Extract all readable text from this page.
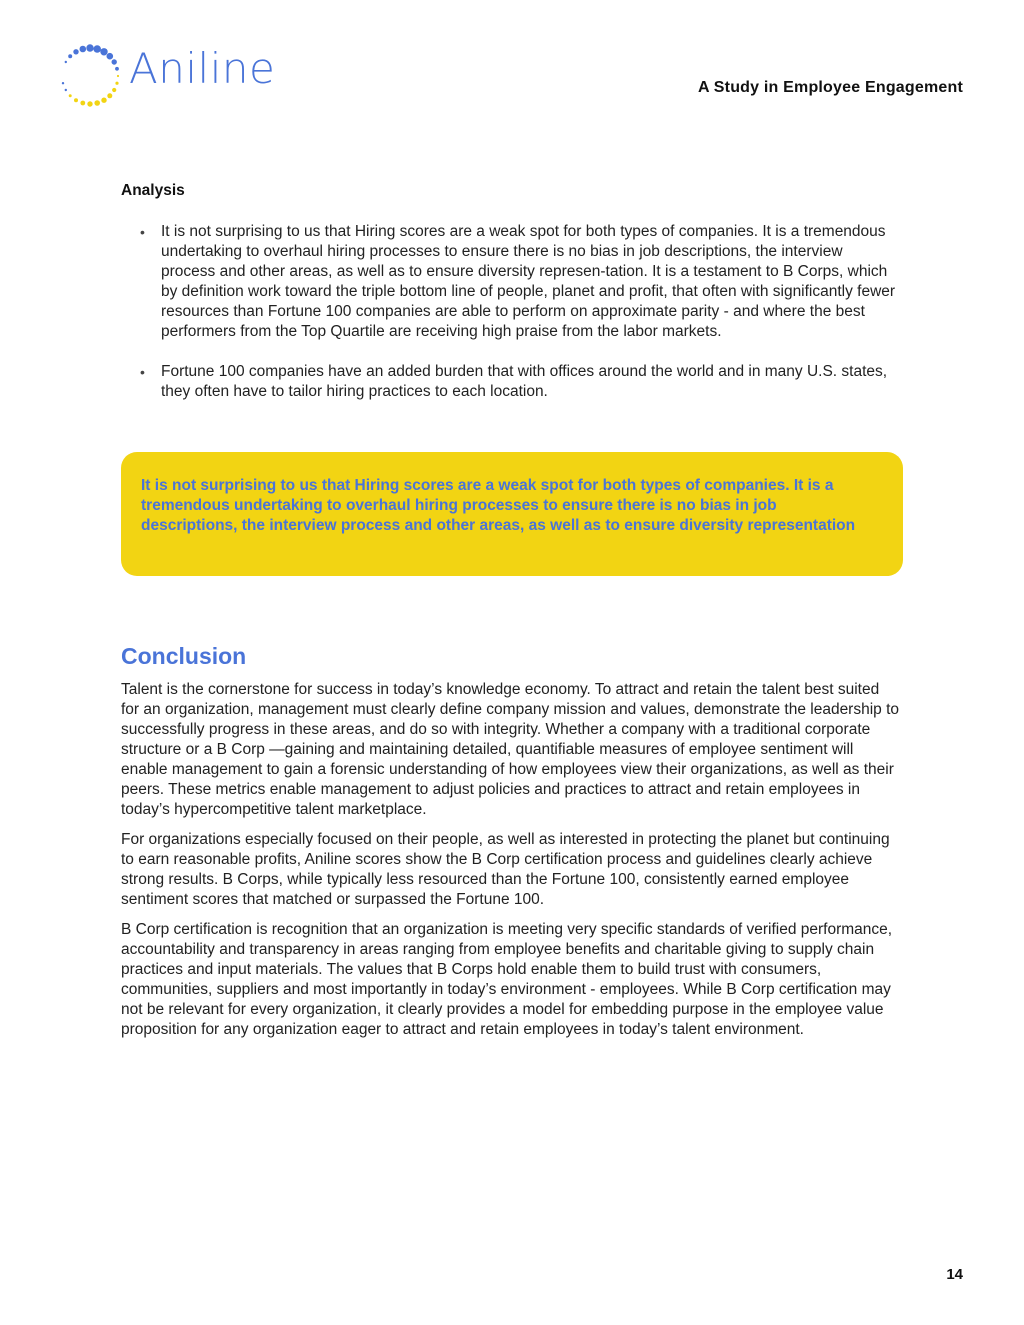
Aniline	A Study in Employee Engagement
Analysis
• It is not surprising to us that Hiring scores are a weak spot for both types of companies. It is a tremendous undertaking to overhaul hiring processes to ensure there is no bias in job descriptions, the interview process and other areas, as well as to ensure diversity represen-tation. It is a testament to B Corps, which by definition work toward the triple bottom line of people, planet and profit, that often with significantly fewer resources than Fortune 100 companies are able to perform on approximate parity - and where the best performers from the Top Quartile are receiving high praise from the labor markets.
• Fortune 100 companies have an added burden that with offices around the world and in many U.S. states, they often have to tailor hiring practices to each location.
It is not surprising to us that Hiring scores are a weak spot for both types of companies. It is a tremendous undertaking to overhaul hiring processes to ensure there is no bias in job descriptions, the interview process and other areas, as well as to ensure diversity representation
Conclusion

Talent is the cornerstone for success in today’s knowledge economy. To attract and retain the talent best suited for an organization, management must clearly define company mission and values, demonstrate the leadership to successfully progress in these areas, and do so with integrity. Whether a company with a traditional corporate structure or a B Corp —gaining and maintaining detailed, quantifiable measures of employee sentiment will enable management to gain a forensic understanding of how employees view their organizations, as well as their peers. These metrics enable management to adjust policies and practices to attract and retain employees in today’s hypercompetitive talent marketplace.

For organizations especially focused on their people, as well as interested in protecting the planet but continuing to earn reasonable profits, Aniline scores show the B Corp certification process and guidelines clearly achieve strong results. B Corps, while typically less resourced than the Fortune 100, consistently earned employee sentiment scores that matched or surpassed the Fortune 100.

B Corp certification is recognition that an organization is meeting very specific standards of verified performance, accountability and transparency in areas ranging from employee benefits and charitable giving to supply chain practices and input materials. The values that B Corps hold enable them to build trust with consumers, communities, suppliers and most importantly in today’s environment - employees. While B Corp certification may not be relevant for every organization, it clearly provides a model for embedding purpose in the employee value proposition for any organization eager to attract and retain employees in today’s talent environment.

14
